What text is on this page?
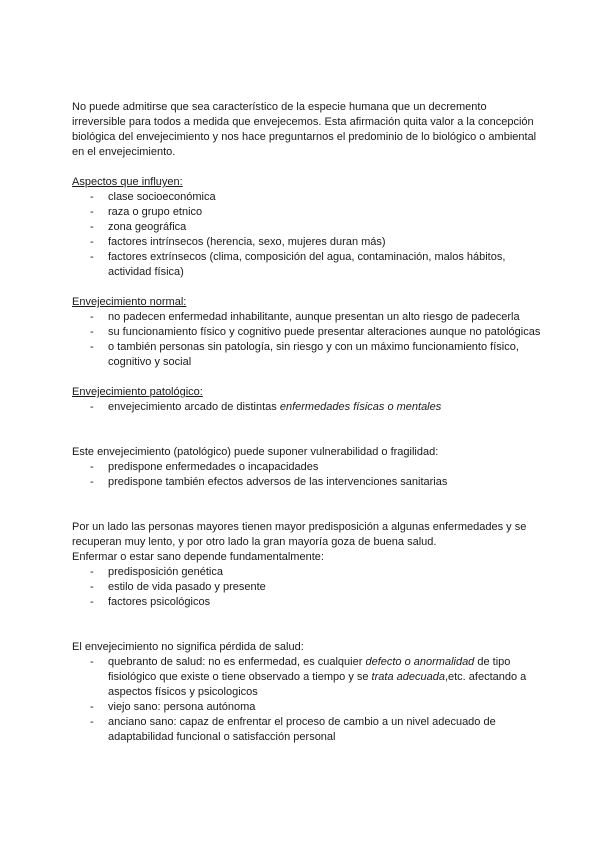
No puede admitirse que sea característico de la especie humana que un decremento irreversible para todos a medida que envejecemos. Esta afirmación quita valor a la concepción biológica del envejecimiento y nos hace preguntarnos el predominio de lo biológico o ambiental en el envejecimiento.

Aspectos que influyen:

- clase socioeconómica
- raza o grupo etnico
- zona geográfica
- factores intrínsecos (herencia, sexo, mujeres duran más)
- factores extrínsecos (clima, composición del agua, contaminación, malos hábitos, actividad física)

Envejecimiento normal:

- no padecen enfermedad inhabilitante, aunque presentan un alto riesgo de padecerla
- su funcionamiento físico y cognitivo puede presentar alteraciones aunque no patológicas
- o también personas sin patología, sin riesgo y con un máximo funcionamiento físico, cognitivo y social

Envejecimiento patológico:

- envejecimiento arcado de distintas enfermedades físicas o mentales

Este envejecimiento (patológico) puede suponer vulnerabilidad o fragilidad:

- predispone enfermedades o incapacidades
- predispone también efectos adversos de las intervenciones sanitarias

Por un lado las personas mayores tienen mayor predisposición a algunas enfermedades y se recuperan muy lento, y por otro lado la gran mayoría goza de buena salud.

Enfermar o estar sano depende fundamentalmente:

- predisposición genética
- estilo de vida pasado y presente
- factores psicológicos

El envejecimiento no significa pérdida de salud:

- quebranto de salud: no es enfermedad, es cualquier defecto o anormalidad de tipo fisiológico que existe o tiene observado a tiempo y se trata adecuada,etc. afectando a aspectos físicos y psicologicos
- viejo sano: persona autónoma
- anciano sano: capaz de enfrentar el proceso de cambio a un nivel adecuado de adaptabilidad funcional o satisfacción personal
